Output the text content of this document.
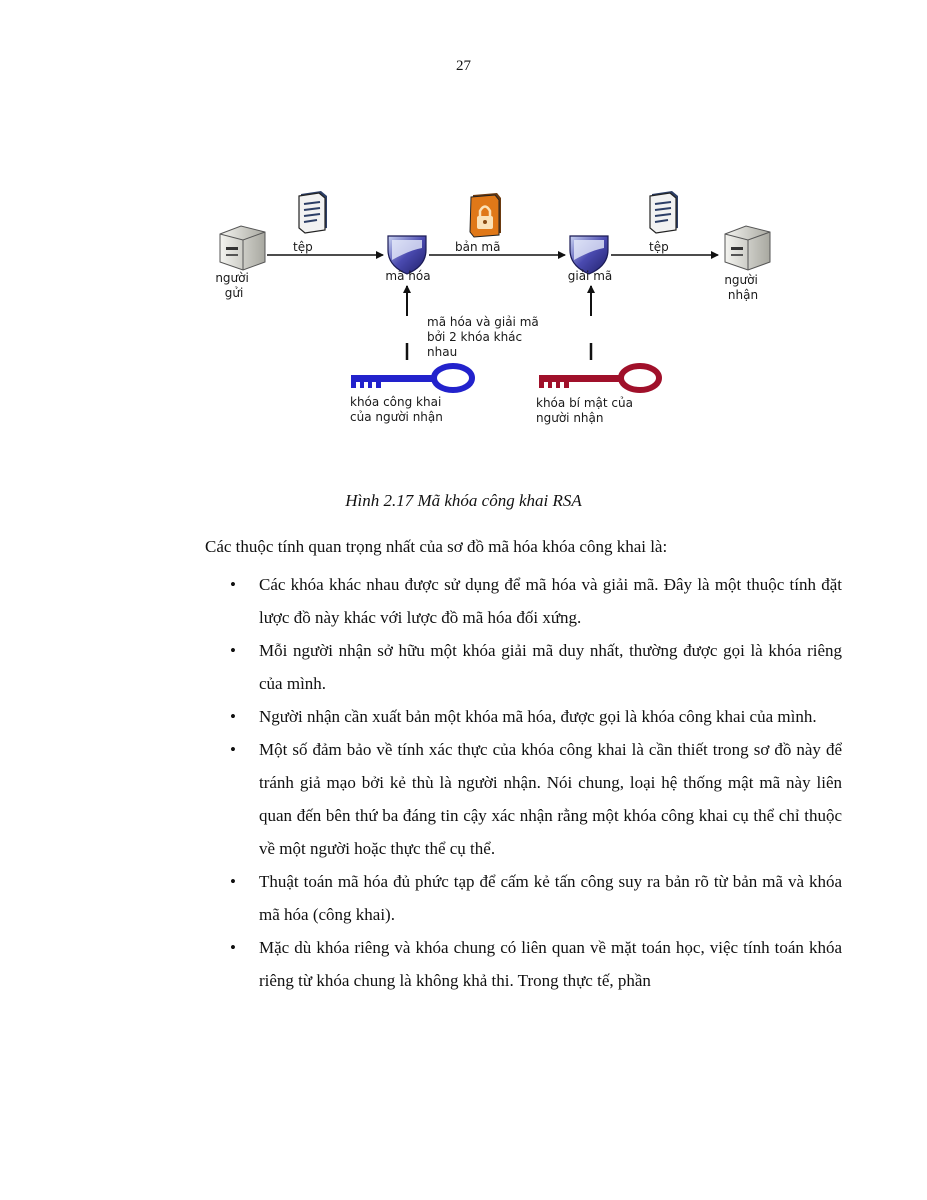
27
người gửi
tệp
mã hóa
bản mã
giải mã
tệp
người nhận
mã hóa và giải mã bởi 2 khóa khác nhau
khóa công khai của người nhận
khóa bí mật của người nhận
Hình 2.17 Mã khóa công khai RSA

Các thuộc tính quan trọng nhất của sơ đồ mã hóa khóa công khai là:

•	Các khóa khác nhau được sử dụng để mã hóa và giải mã. Đây là một thuộc tính đặt lược đồ này khác với lược đồ mã hóa đối xứng.
•	Mỗi người nhận sở hữu một khóa giải mã duy nhất, thường được gọi là khóa riêng của mình.
•	Người nhận cần xuất bản một khóa mã hóa, được gọi là khóa công khai của mình.
•	Một số đảm bảo về tính xác thực của khóa công khai là cần thiết trong sơ đồ này để tránh giả mạo bởi kẻ thù là người nhận. Nói chung, loại hệ thống mật mã này liên quan đến bên thứ ba đáng tin cậy xác nhận rằng một khóa công khai cụ thể chỉ thuộc về một người hoặc thực thể cụ thể.
•	Thuật toán mã hóa đủ phức tạp để cấm kẻ tấn công suy ra bản rõ từ bản mã và khóa mã hóa (công khai).
•	Mặc dù khóa riêng và khóa chung có liên quan về mặt toán học, việc tính toán khóa riêng từ khóa chung là không khả thi. Trong thực tế, phần
